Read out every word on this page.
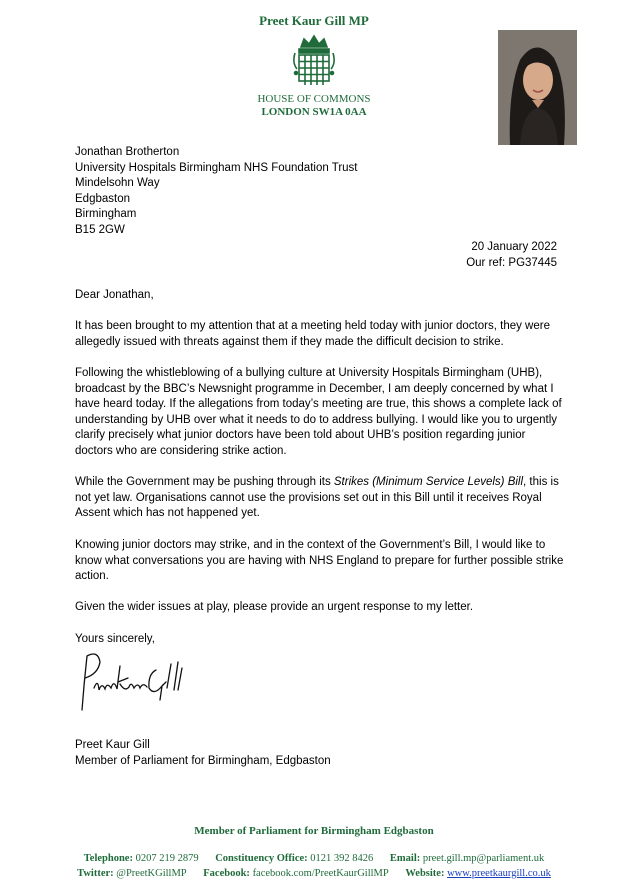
Preet Kaur Gill MP
HOUSE OF COMMONS
LONDON SW1A 0AA
Jonathan Brotherton
University Hospitals Birmingham NHS Foundation Trust
Mindelsohn Way
Edgbaston
Birmingham
B15 2GW
20 January 2022
Our ref: PG37445
Dear Jonathan,
It has been brought to my attention that at a meeting held today with junior doctors, they were allegedly issued with threats against them if they made the difficult decision to strike.
Following the whistleblowing of a bullying culture at University Hospitals Birmingham (UHB), broadcast by the BBC’s Newsnight programme in December, I am deeply concerned by what I have heard today. If the allegations from today’s meeting are true, this shows a complete lack of understanding by UHB over what it needs to do to address bullying. I would like you to urgently clarify precisely what junior doctors have been told about UHB’s position regarding junior doctors who are considering strike action.
While the Government may be pushing through its Strikes (Minimum Service Levels) Bill, this is not yet law. Organisations cannot use the provisions set out in this Bill until it receives Royal Assent which has not happened yet.
Knowing junior doctors may strike, and in the context of the Government’s Bill, I would like to know what conversations you are having with NHS England to prepare for further possible strike action.
Given the wider issues at play, please provide an urgent response to my letter.
Yours sincerely,
Preet Kaur Gill
Member of Parliament for Birmingham, Edgbaston
Member of Parliament for Birmingham Edgbaston
Telephone: 0207 219 2879 Constituency Office: 0121 392 8426 Email: preet.gill.mp@parliament.uk
Twitter: @PreetKGillMP Facebook: facebook.com/PreetKaurGillMP Website: www.preetkaurgill.co.uk
